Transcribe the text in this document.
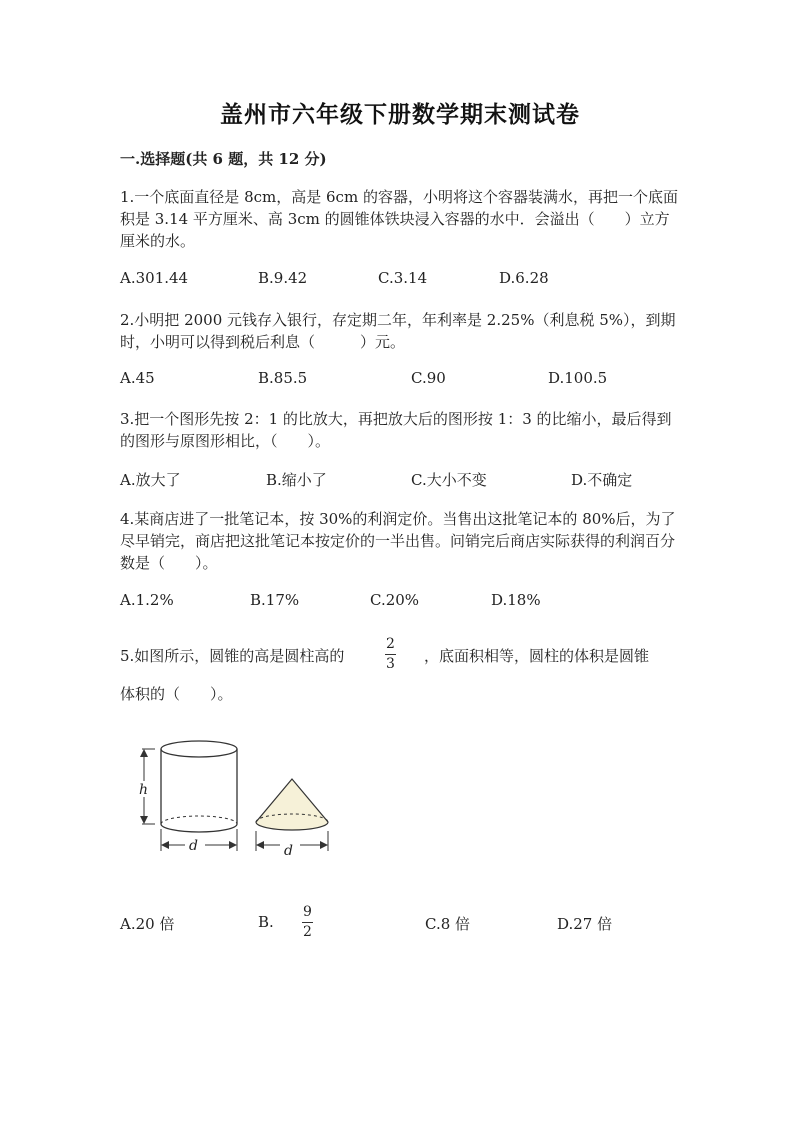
盖州市六年级下册数学期末测试卷
一.选择题(共 6 题，共 12 分)
1.一个底面直径是 8cm，高是 6cm 的容器，小明将这个容器装满水，再把一个底面积是 3.14 平方厘米、高 3cm 的圆锥体铁块浸入容器的水中．会溢出（　　）立方厘米的水。
A.301.44	B.9.42	C.3.14	D.6.28
2.小明把 2000 元钱存入银行，存定期二年，年利率是 2.25%（利息税 5%），到期时，小明可以得到税后利息（　　　）元。
A.45	B.85.5	C.90	D.100.5
3.把一个图形先按 2：1 的比放大，再把放大后的图形按 1：3 的比缩小，最后得到的图形与原图形相比，（　　）。
A.放大了	B.缩小了	C.大小不变	D.不确定
4.某商店进了一批笔记本，按 30%的利润定价。当售出这批笔记本的 80%后，为了尽早销完，商店把这批笔记本按定价的一半出售。问销完后商店实际获得的利润百分数是（　　）。
A.1.2%	B.17%	C.20%	D.18%
5.如图所示，圆锥的高是圆柱高的	$\frac{2}{3}$ ，底面积相等，圆柱的体积是圆锥
体积的（　　）。
h
d	d
A.20 倍	B. $\frac{9}{2}$	C.8 倍	D.27 倍
